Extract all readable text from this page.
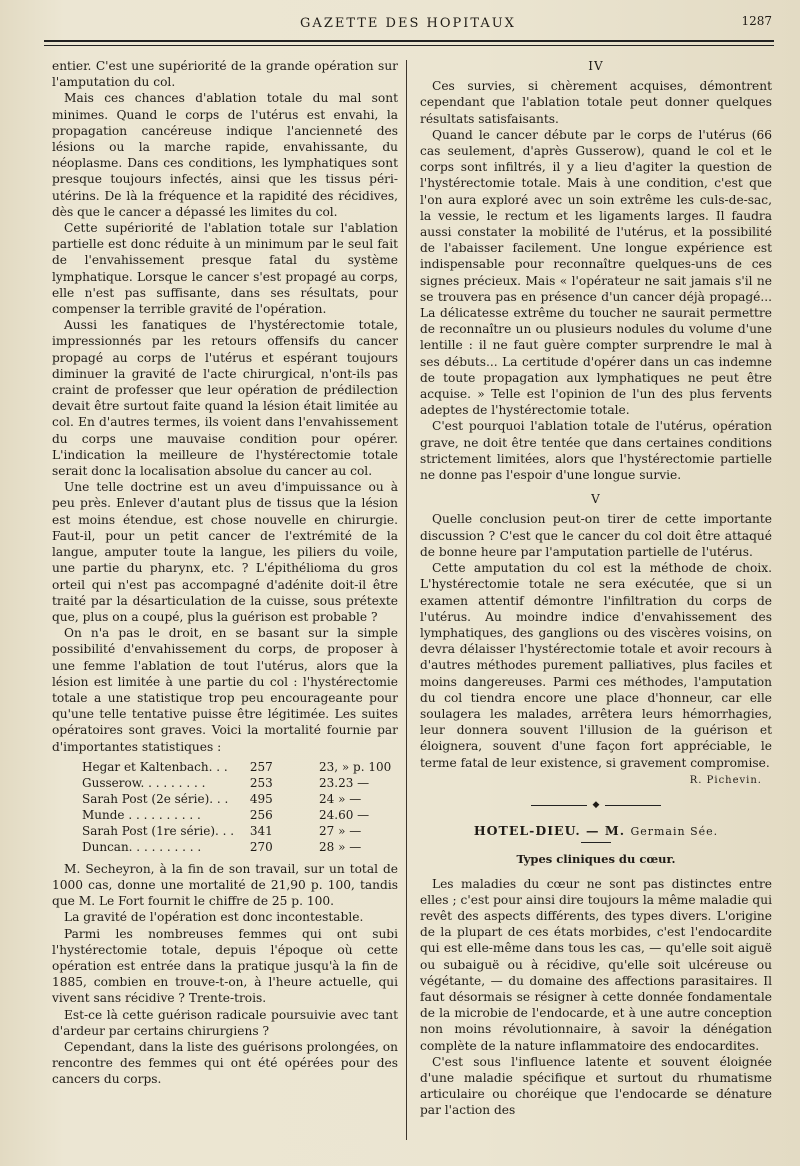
GAZETTE DES HOPITAUX	1287

entier. C'est une supériorité de la grande opération sur l'amputation du col.

Mais ces chances d'ablation totale du mal sont minimes. Quand le corps de l'utérus est envahi, la propagation cancéreuse indique l'ancienneté des lésions ou la marche rapide, envahissante, du néoplasme. Dans ces conditions, les lymphatiques sont presque toujours infectés, ainsi que les tissus péri-utérins. De là la fréquence et la rapidité des récidives, dès que le cancer a dépassé les limites du col.

Cette supériorité de l'ablation totale sur l'ablation partielle est donc réduite à un minimum par le seul fait de l'envahissement presque fatal du système lymphatique. Lorsque le cancer s'est propagé au corps, elle n'est pas suffisante, dans ses résultats, pour compenser la terrible gravité de l'opération.

Aussi les fanatiques de l'hystérectomie totale, impressionnés par les retours offensifs du cancer propagé au corps de l'utérus et espérant toujours diminuer la gravité de l'acte chirurgical, n'ont-ils pas craint de professer que leur opération de prédilection devait être surtout faite quand la lésion était limitée au col. En d'autres termes, ils voient dans l'envahissement du corps une mauvaise condition pour opérer. L'indication la meilleure de l'hystérectomie totale serait donc la localisation absolue du cancer au col.

Une telle doctrine est un aveu d'impuissance ou à peu près. Enlever d'autant plus de tissus que la lésion est moins étendue, est chose nouvelle en chirurgie. Faut-il, pour un petit cancer de l'extrémité de la langue, amputer toute la langue, les piliers du voile, une partie du pharynx, etc. ? L'épithélioma du gros orteil qui n'est pas accompagné d'adénite doit-il être traité par la désarticulation de la cuisse, sous prétexte que, plus on a coupé, plus la guérison est probable ?

On n'a pas le droit, en se basant sur la simple possibilité d'envahissement du corps, de proposer à une femme l'ablation de tout l'utérus, alors que la lésion est limitée à une partie du col : l'hystérectomie totale a une statistique trop peu encourageante pour qu'une telle tentative puisse être légitimée. Les suites opératoires sont graves. Voici la mortalité fournie par d'importantes statistiques :

Hegar et Kaltenbach. . .	257	23, » p. 100
Gusserow. . . . . . . . .	253	23.23 —
Sarah Post (2e série). . .	495	24 » —
Munde . . . . . . . . . .	256	24.60 —
Sarah Post (1re série). . .	341	27 » —
Duncan. . . . . . . . . .	270	28 » —

M. Secheyron, à la fin de son travail, sur un total de 1000 cas, donne une mortalité de 21,90 p. 100, tandis que M. Le Fort fournit le chiffre de 25 p. 100.

La gravité de l'opération est donc incontestable.

Parmi les nombreuses femmes qui ont subi l'hystérectomie totale, depuis l'époque où cette opération est entrée dans la pratique jusqu'à la fin de 1885, combien en trouve-t-on, à l'heure actuelle, qui vivent sans récidive ? Trente-trois.

Est-ce là cette guérison radicale poursuivie avec tant d'ardeur par certains chirurgiens ?

Cependant, dans la liste des guérisons prolongées, on rencontre des femmes qui ont été opérées pour des cancers du corps.

IV

Ces survies, si chèrement acquises, démontrent cependant que l'ablation totale peut donner quelques résultats satisfaisants.

Quand le cancer débute par le corps de l'utérus (66 cas seulement, d'après Gusserow), quand le col et le corps sont infiltrés, il y a lieu d'agiter la question de l'hystérectomie totale. Mais à une condition, c'est que l'on aura exploré avec un soin extrême les culs-de-sac, la vessie, le rectum et les ligaments larges. Il faudra aussi constater la mobilité de l'utérus, et la possibilité de l'abaisser facilement. Une longue expérience est indispensable pour reconnaître quelques-uns de ces signes précieux. Mais « l'opérateur ne sait jamais s'il ne se trouvera pas en présence d'un cancer déjà propagé... La délicatesse extrême du toucher ne saurait permettre de reconnaître un ou plusieurs nodules du volume d'une lentille : il ne faut guère compter surprendre le mal à ses débuts... La certitude d'opérer dans un cas indemne de toute propagation aux lymphatiques ne peut être acquise. » Telle est l'opinion de l'un des plus fervents adeptes de l'hystérectomie totale.

C'est pourquoi l'ablation totale de l'utérus, opération grave, ne doit être tentée que dans certaines conditions strictement limitées, alors que l'hystérectomie partielle ne donne pas l'espoir d'une longue survie.

V

Quelle conclusion peut-on tirer de cette importante discussion ? C'est que le cancer du col doit être attaqué de bonne heure par l'amputation partielle de l'utérus.

Cette amputation du col est la méthode de choix. L'hystérectomie totale ne sera exécutée, que si un examen attentif démontre l'infiltration du corps de l'utérus. Au moindre indice d'envahissement des lymphatiques, des ganglions ou des viscères voisins, on devra délaisser l'hystérectomie totale et avoir recours à d'autres méthodes purement palliatives, plus faciles et moins dangereuses. Parmi ces méthodes, l'amputation du col tiendra encore une place d'honneur, car elle soulagera les malades, arrêtera leurs hémorrhagies, leur donnera souvent l'illusion de la guérison et éloignera, souvent d'une façon fort appréciable, le terme fatal de leur existence, si gravement compromise.

R. Pichevin.
◆
HOTEL-DIEU. — M. Germain Sée.
Types cliniques du cœur.

Les maladies du cœur ne sont pas distinctes entre elles ; c'est pour ainsi dire toujours la même maladie qui revêt des aspects différents, des types divers. L'origine de la plupart de ces états morbides, c'est l'endocardite qui est elle-même dans tous les cas, — qu'elle soit aiguë ou subaiguë ou à récidive, qu'elle soit ulcéreuse ou végétante, — du domaine des affections parasitaires. Il faut désormais se résigner à cette donnée fondamentale de la microbie de l'endocarde, et à une autre conception non moins révolutionnaire, à savoir la dénégation complète de la nature inflammatoire des endocardites.

C'est sous l'influence latente et souvent éloignée d'une maladie spécifique et surtout du rhumatisme articulaire ou choréique que l'endocarde se dénature par l'action des
